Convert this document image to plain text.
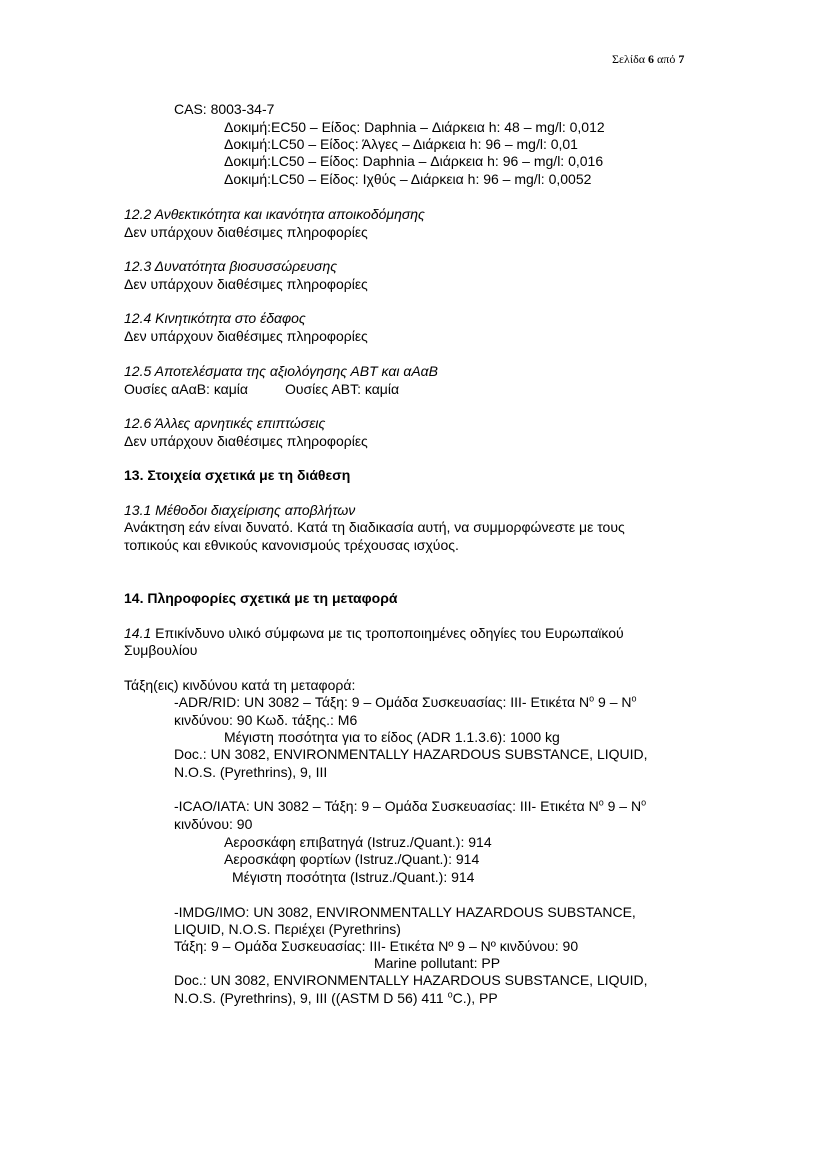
Σελίδα 6 από 7
CAS: 8003-34-7
Δοκιμή:EC50 – Είδος: Daphnia – Διάρκεια h: 48 – mg/l: 0,012
Δοκιμή:LC50 – Είδος: Άλγες – Διάρκεια h: 96 – mg/l: 0,01
Δοκιμή:LC50 – Είδος: Daphnia – Διάρκεια h: 96 – mg/l: 0,016
Δοκιμή:LC50 – Είδος: Ιχθύς – Διάρκεια h: 96 – mg/l: 0,0052
12.2 Ανθεκτικότητα και ικανότητα αποικοδόμησης
Δεν υπάρχουν διαθέσιμες πληροφορίες
12.3 Δυνατότητα βιοσυσσώρευσης
Δεν υπάρχουν διαθέσιμες πληροφορίες
12.4 Κινητικότητα στο έδαφος
Δεν υπάρχουν διαθέσιμες πληροφορίες
12.5 Αποτελέσματα της αξιολόγησης ΑΒΤ και αΑαΒ
Ουσίες αΑαΒ: καμία	Ουσίες ΑΒΤ: καμία
12.6 Άλλες αρνητικές επιπτώσεις
Δεν υπάρχουν διαθέσιμες πληροφορίες
13. Στοιχεία σχετικά με τη διάθεση
13.1 Μέθοδοι διαχείρισης αποβλήτων
Ανάκτηση εάν είναι δυνατό. Κατά τη διαδικασία αυτή, να συμμορφώνεστε με τους
τοπικούς και εθνικούς κανονισμούς τρέχουσας ισχύος.
14. Πληροφορίες σχετικά με τη μεταφορά
14.1 Επικίνδυνο υλικό σύμφωνα με τις τροποποιημένες οδηγίες του Ευρωπαϊκού
Συμβουλίου
Τάξη(εις) κινδύνου κατά τη μεταφορά:
-ADR/RID: UN 3082 – Τάξη: 9 – Ομάδα Συσκευασίας: ΙΙΙ- Ετικέτα $N^o$ $9 - N^o$
κινδύνου: 90 Κωδ. τάξης.: M6
Μέγιστη ποσότητα για το είδος (ADR 1.1.3.6): 1000 kg
Doc.: UN 3082, ENVIRONMENTALLY HAZARDOUS SUBSTANCE, LIQUID,
N.O.S. (Pyrethrins), 9, III
-ICAO/IATA: UN 3082 – Τάξη: 9 – Ομάδα Συσκευασίας: ΙΙΙ- Ετικέτα $N^o$ $9 - N^o$
κινδύνου: 90
Αεροσκάφη επιβατηγά (Istruz./Quant.): 914
Αεροσκάφη φορτίων (Istruz./Quant.): 914
Μέγιστη ποσότητα (Istruz./Quant.): 914
-IMDG/IMO: UN 3082, ENVIRONMENTALLY HAZARDOUS SUBSTANCE,
LIQUID, N.O.S. Περιέχει (Pyrethrins)
Τάξη: 9 – Ομάδα Συσκευασίας: ΙΙΙ- Ετικέτα Nº 9 – Nº κινδύνου: 90
Marine pollutant: PP
Doc.: UN 3082, ENVIRONMENTALLY HAZARDOUS SUBSTANCE, LIQUID,
N.O.S. (Pyrethrins), 9, III ((ASTM D 56) 411 $^o$C.), PP
